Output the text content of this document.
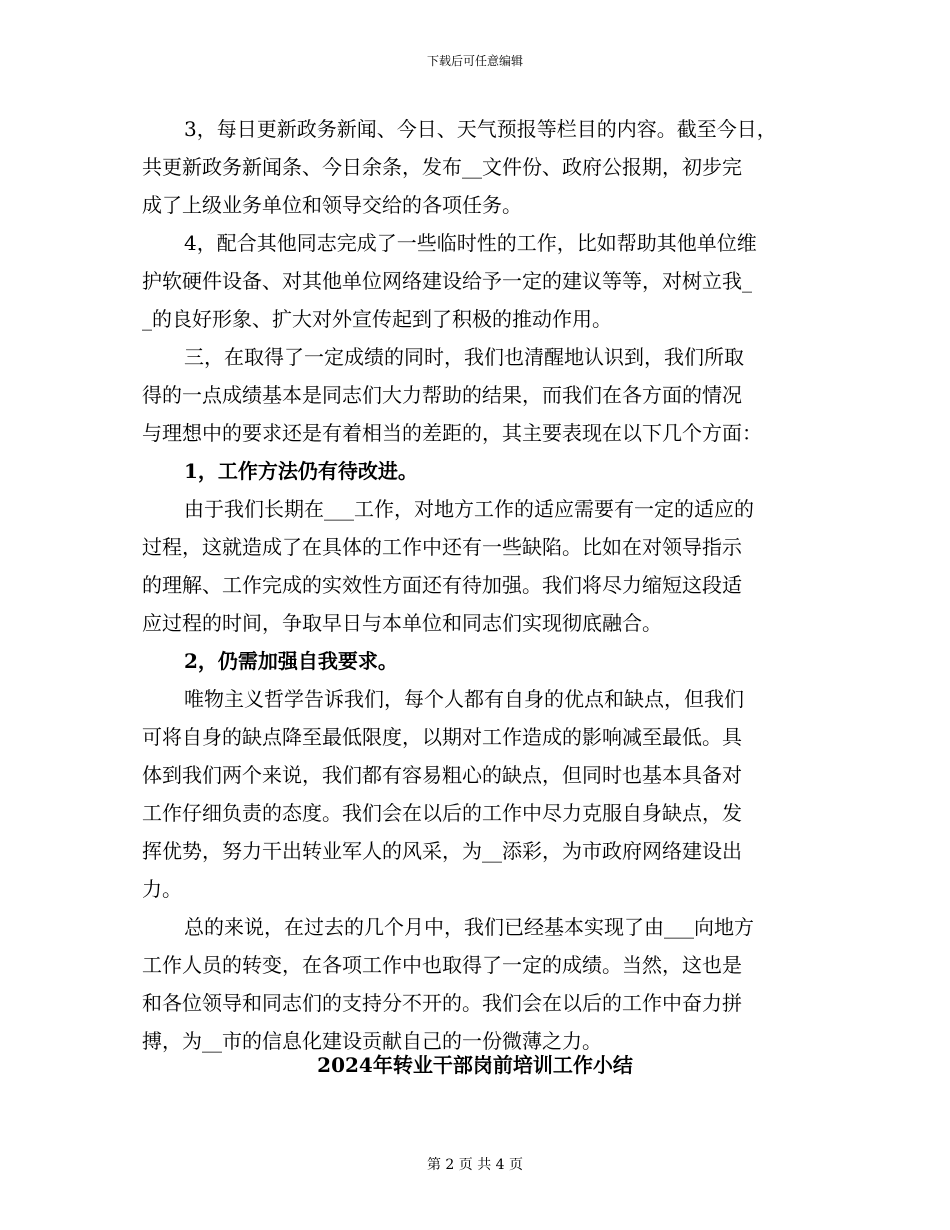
下载后可任意编辑
3，每日更新政务新闻、今日、天气预报等栏目的内容。截至今日，
共更新政务新闻条、今日余条，发布__文件份、政府公报期，初步完
成了上级业务单位和领导交给的各项任务。
4，配合其他同志完成了一些临时性的工作，比如帮助其他单位维
护软硬件设备、对其他单位网络建设给予一定的建议等等，对树立我_
_的良好形象、扩大对外宣传起到了积极的推动作用。
三，在取得了一定成绩的同时，我们也清醒地认识到，我们所取
得的一点成绩基本是同志们大力帮助的结果，而我们在各方面的情况
与理想中的要求还是有着相当的差距的，其主要表现在以下几个方面：
1，工作方法仍有待改进。
由于我们长期在___工作，对地方工作的适应需要有一定的适应的
过程，这就造成了在具体的工作中还有一些缺陷。比如在对领导指示
的理解、工作完成的实效性方面还有待加强。我们将尽力缩短这段适
应过程的时间，争取早日与本单位和同志们实现彻底融合。
2，仍需加强自我要求。
唯物主义哲学告诉我们，每个人都有自身的优点和缺点，但我们
可将自身的缺点降至最低限度，以期对工作造成的影响减至最低。具
体到我们两个来说，我们都有容易粗心的缺点，但同时也基本具备对
工作仔细负责的态度。我们会在以后的工作中尽力克服自身缺点，发
挥优势，努力干出转业军人的风采，为__添彩，为市政府网络建设出
力。
总的来说，在过去的几个月中，我们已经基本实现了由___向地方
工作人员的转变，在各项工作中也取得了一定的成绩。当然，这也是
和各位领导和同志们的支持分不开的。我们会在以后的工作中奋力拼
搏，为__市的信息化建设贡献自己的一份微薄之力。
2024年转业干部岗前培训工作小结
第 2 页 共 4 页
